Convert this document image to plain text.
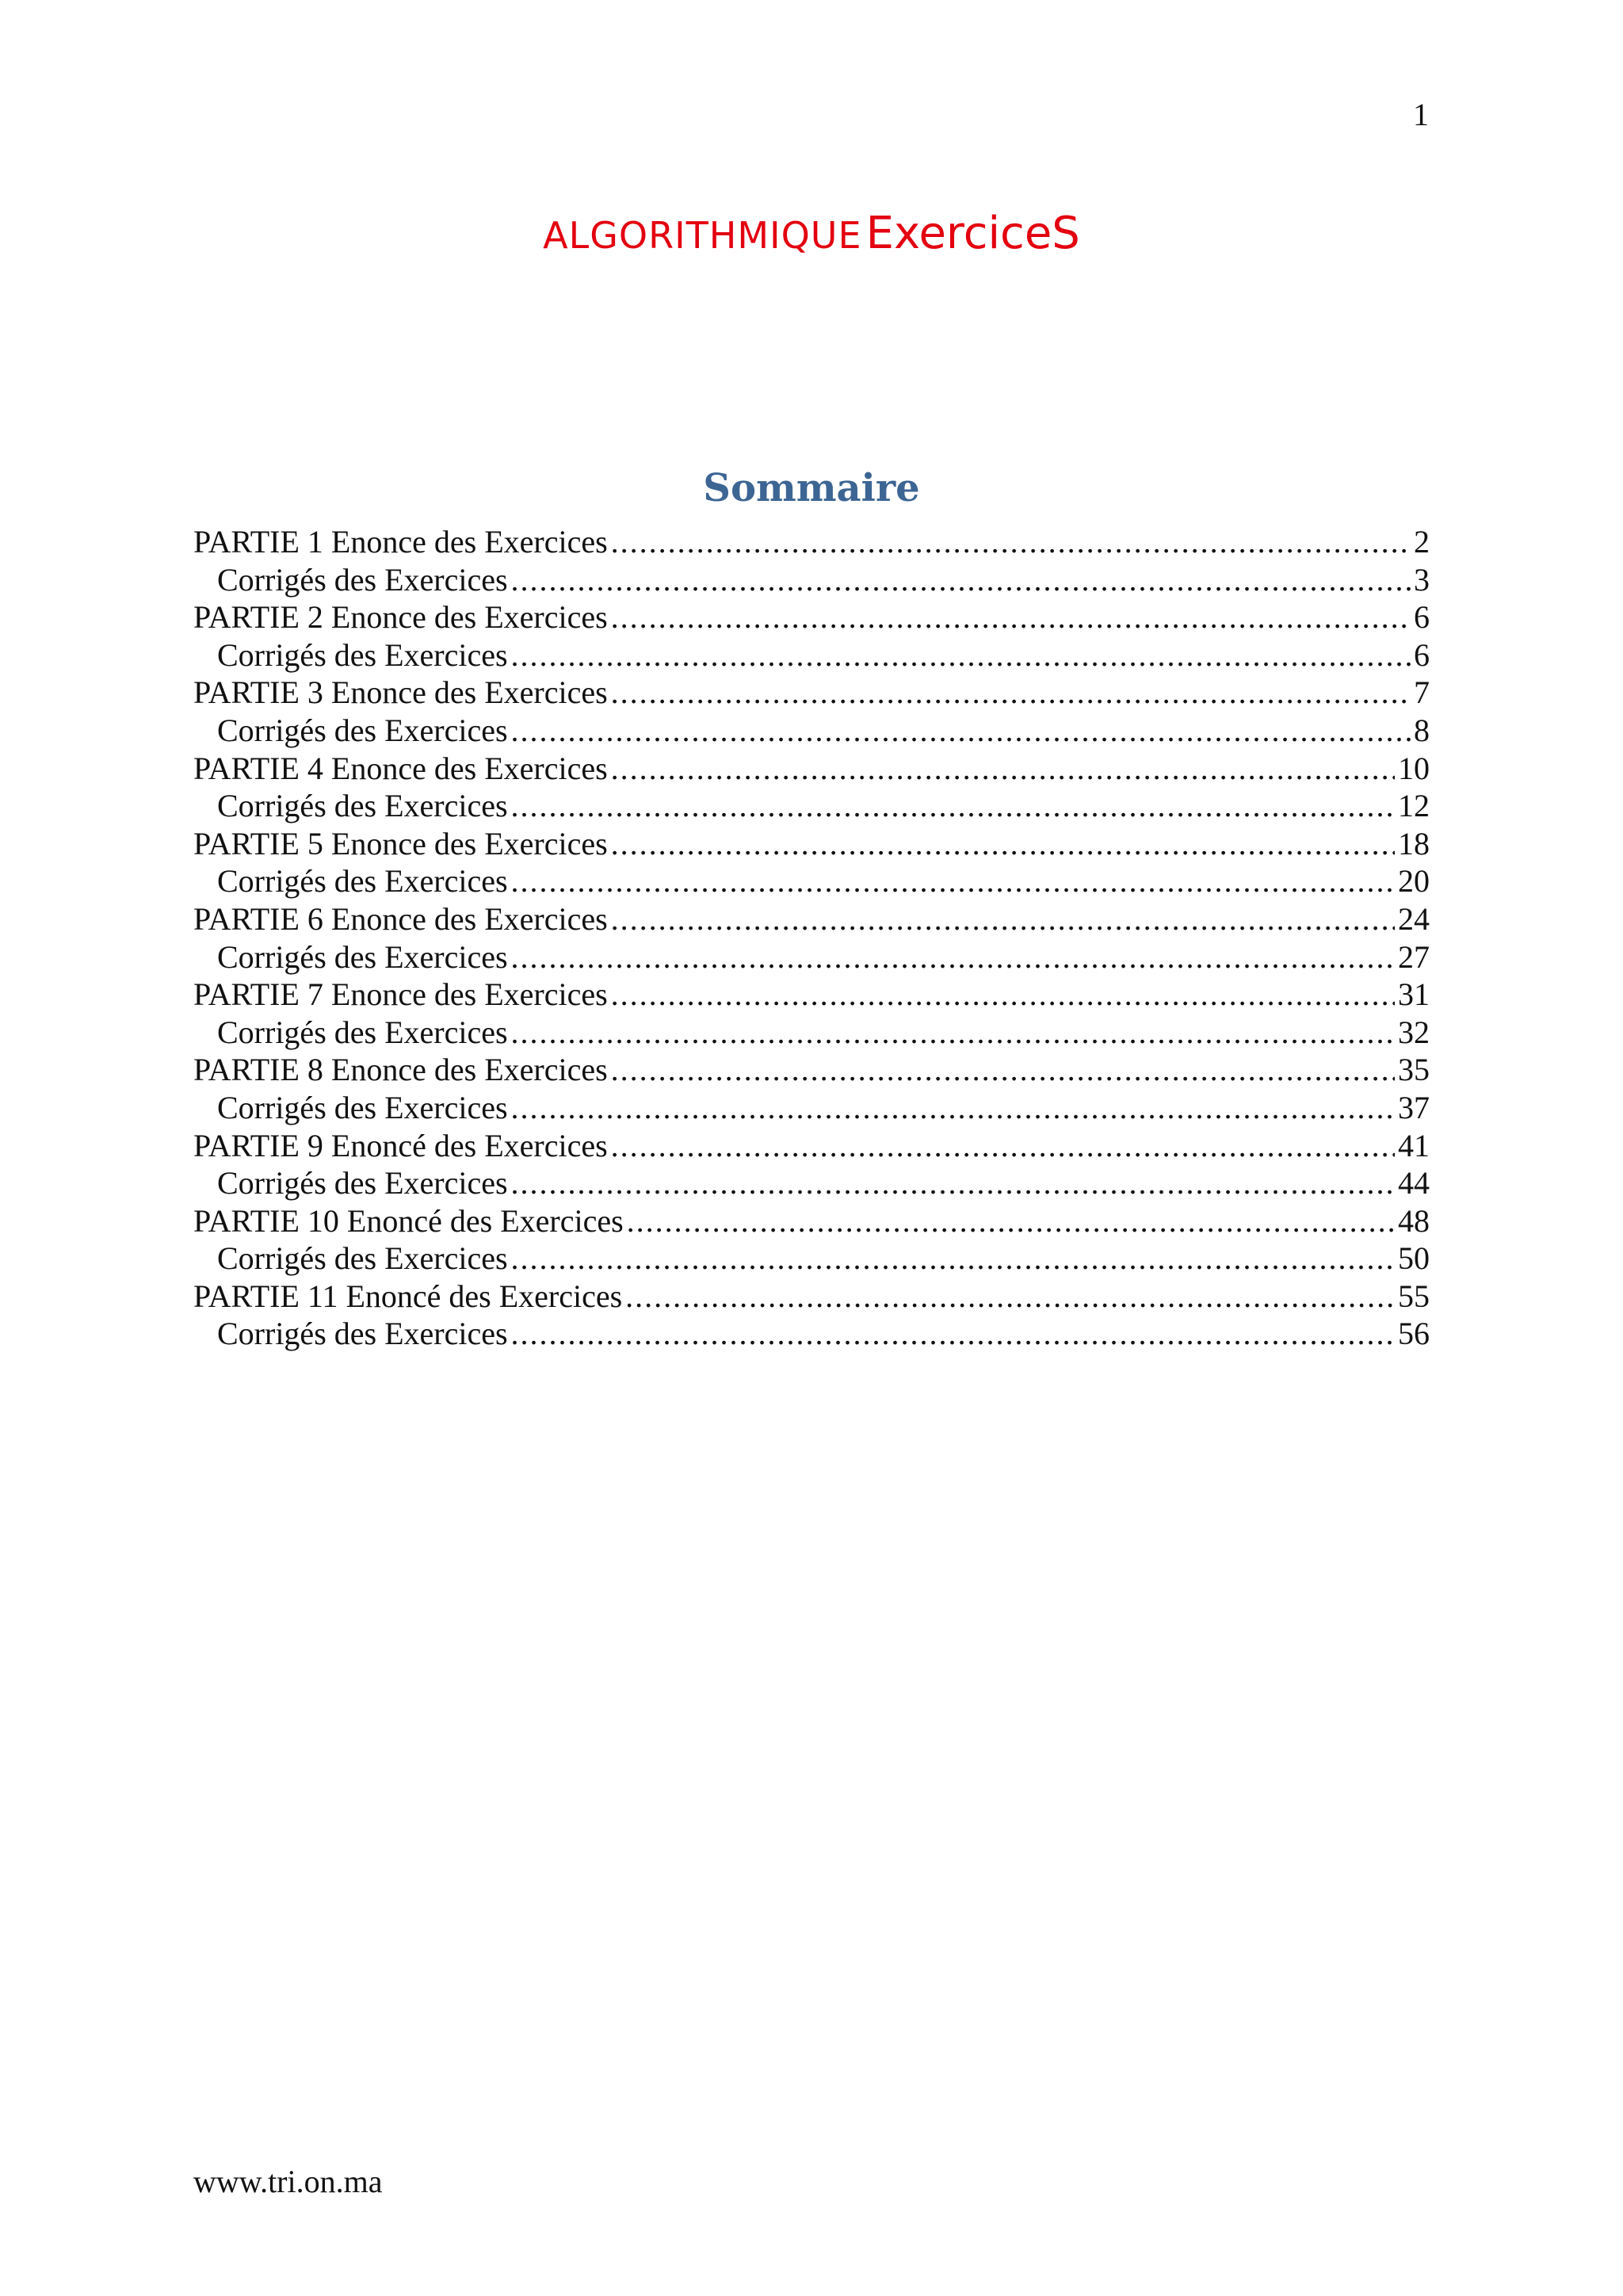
1
ALGORITHMIQUE ExerciceS
Sommaire
PARTIE 1 Enonce des Exercices .....	2
Corrigés des Exercices .....	3
PARTIE 2 Enonce des Exercices .....	6
Corrigés des Exercices .....	6
PARTIE 3 Enonce des Exercices .....	7
Corrigés des Exercices .....	8
PARTIE 4 Enonce des Exercices .....	10
Corrigés des Exercices .....	12
PARTIE 5 Enonce des Exercices .....	18
Corrigés des Exercices .....	20
PARTIE 6 Enonce des Exercices .....	24
Corrigés des Exercices .....	27
PARTIE 7 Enonce des Exercices .....	31
Corrigés des Exercices .....	32
PARTIE 8 Enonce des Exercices .....	35
Corrigés des Exercices .....	37
PARTIE 9 Enoncé des Exercices .....	41
Corrigés des Exercices .....	44
PARTIE 10 Enoncé des Exercices .....	48
Corrigés des Exercices .....	50
PARTIE 11 Enoncé des Exercices .....	55
Corrigés des Exercices .....	56
www.tri.on.ma
